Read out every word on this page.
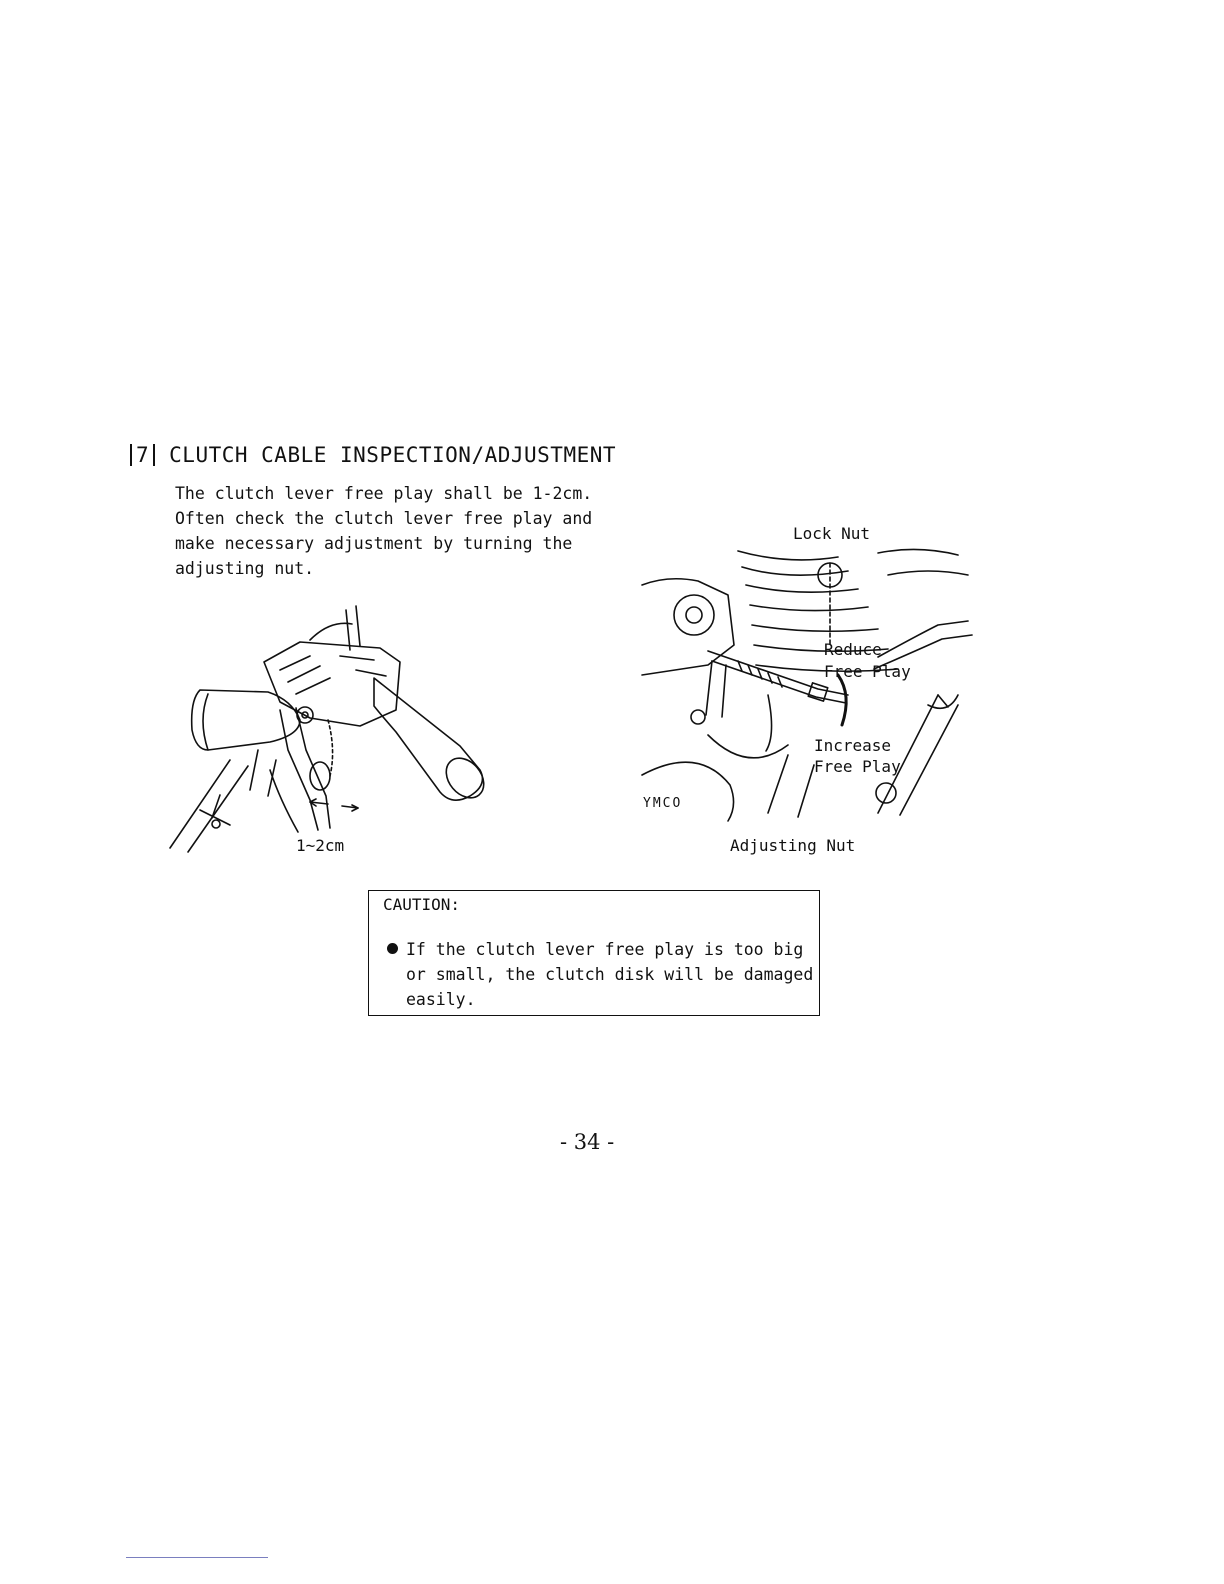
7 CLUTCH CABLE INSPECTION/ADJUSTMENT
The clutch lever free play shall be 1-2cm.
Often check the clutch lever free play and
make necessary adjustment by turning the
adjusting nut.
1~2cm
Lock Nut
Reduce
Free Play
Increase
Free Play
YMCO
Adjusting Nut
CAUTION:
If the clutch lever free play is too big
or small, the clutch disk will be damaged
easily.
- 34 -
